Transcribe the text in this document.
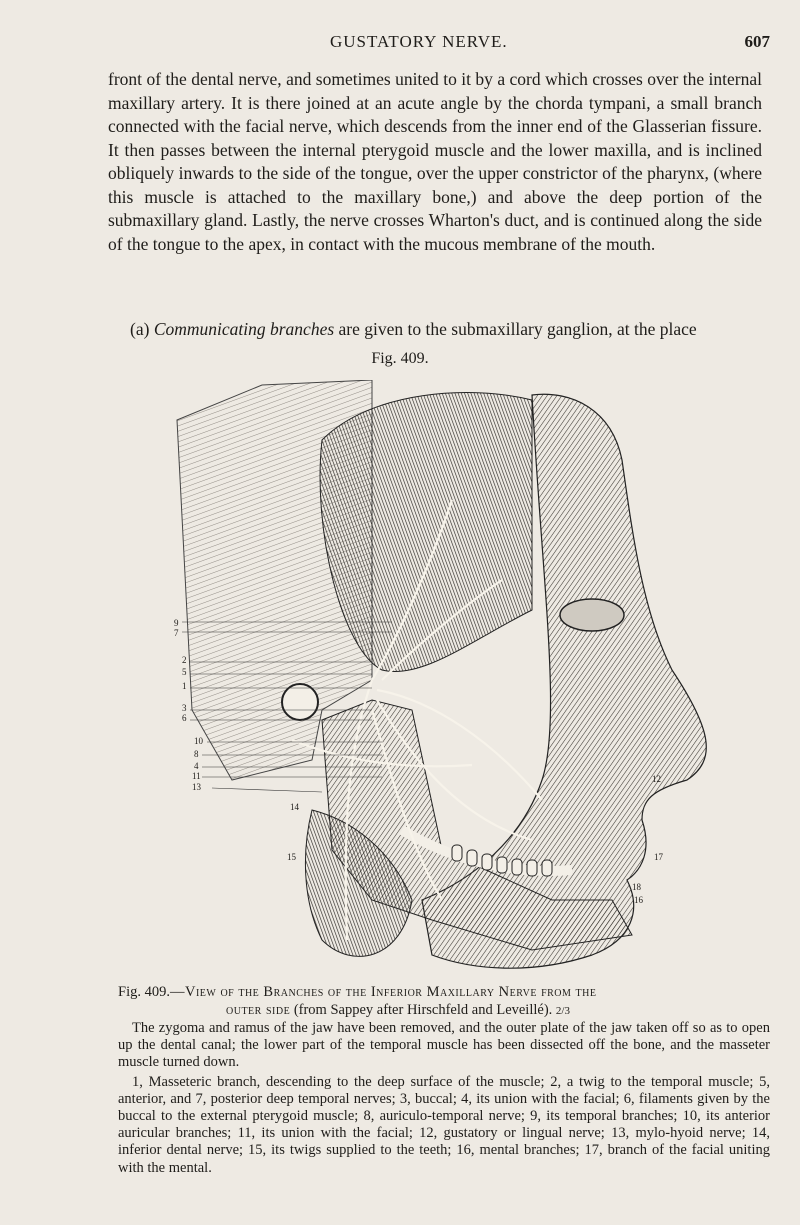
GUSTATORY NERVE.	607
front of the dental nerve, and sometimes united to it by a cord which crosses over the internal maxillary artery. It is there joined at an acute angle by the chorda tympani, a small branch connected with the facial nerve, which descends from the inner end of the Glasserian fissure. It then passes between the internal pterygoid muscle and the lower maxilla, and is inclined obliquely inwards to the side of the tongue, over the upper constrictor of the pharynx, (where this muscle is attached to the maxillary bone,) and above the deep portion of the submaxillary gland. Lastly, the nerve crosses Wharton's duct, and is continued along the side of the tongue to the apex, in contact with the mucous membrane of the mouth.
(a) Communicating branches are given to the submaxillary ganglion, at the place
Fig. 409.
9
7
2
5
1
3
6
10
8
4
11
13
14
15
12
17
18
16
Fig. 409.—View of the Branches of the Inferior Maxillary Nerve from the
outer side (from Sappey after Hirschfeld and Leveillé). 2/3

The zygoma and ramus of the jaw have been removed, and the outer plate of the jaw taken off so as to open up the dental canal; the lower part of the temporal muscle has been dissected off the bone, and the masseter muscle turned down.

1, Masseteric branch, descending to the deep surface of the muscle; 2, a twig to the temporal muscle; 5, anterior, and 7, posterior deep temporal nerves; 3, buccal; 4, its union with the facial; 6, filaments given by the buccal to the external pterygoid muscle; 8, auriculo-temporal nerve; 9, its temporal branches; 10, its anterior auricular branches; 11, its union with the facial; 12, gustatory or lingual nerve; 13, mylo-hyoid nerve; 14, inferior dental nerve; 15, its twigs supplied to the teeth; 16, mental branches; 17, branch of the facial uniting with the mental.
